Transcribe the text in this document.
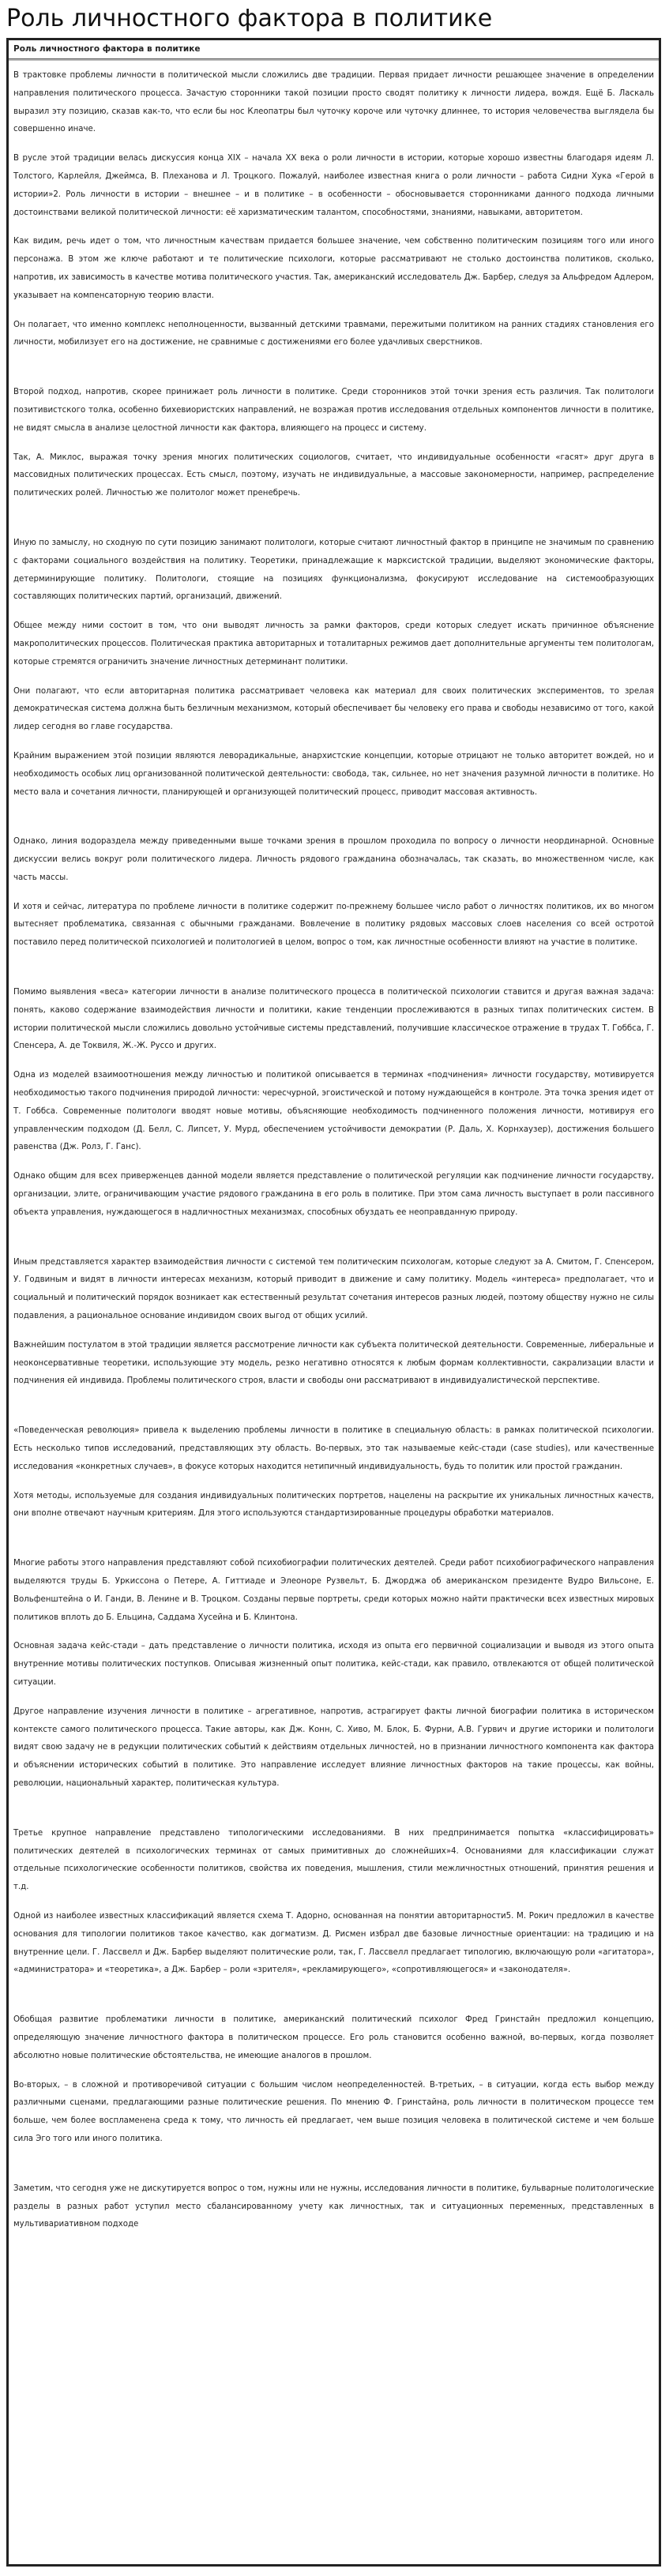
Роль личностного фактора в политике
Роль личностного фактора в политике

В трактовке проблемы личности в политической мысли сложились две традиции. Первая придает личности решающее значение в определении направления политического процесса. Зачастую сторонники такой позиции просто сводят политику к личности лидера, вождя. Ещё Б. Ласкаль выразил эту позицию, сказав как-то, что если бы нос Клеопатры был чуточку короче или чуточку длиннее, то история человечества выглядела бы совершенно иначе.

В русле этой традиции велась дискуссия конца XIX – начала XX века о роли личности в истории, которые хорошо известны благодаря идеям Л. Толстого, Карлейля, Джеймса, В. Плеханова и Л. Троцкого. Пожалуй, наиболее известная книга о роли личности – работа Сидни Хука «Герой в истории»2. Роль личности в истории – внешнее – и в политике – в особенности – обосновывается сторонниками данного подхода личными достоинствами великой политической личности: её харизматическим талантом, способностями, знаниями, навыками, авторитетом.

Как видим, речь идет о том, что личностным качествам придается большее значение, чем собственно политическим позициям того или иного персонажа. В этом же ключе работают и те политические психологи, которые рассматривают не столько достоинства политиков, сколько, напротив, их зависимость в качестве мотива политического участия. Так, американский исследователь Дж. Барбер, следуя за Альфредом Адлером, указывает на компенсаторную теорию власти.

Он полагает, что именно комплекс неполноценности, вызванный детскими травмами, пережитыми политиком на ранних стадиях становления его личности, мобилизует его на достижение, не сравнимые с достижениями его более удачливых сверстников.

Второй подход, напротив, скорее принижает роль личности в политике. Среди сторонников этой точки зрения есть различия. Так политологи позитивистского толка, особенно бихевиористских направлений, не возражая против исследования отдельных компонентов личности в политике, не видят смысла в анализе целостной личности как фактора, влияющего на процесс и систему.

Так, А. Миклос, выражая точку зрения многих политических социологов, считает, что индивидуальные особенности «гасят» друг друга в массовидных политических процессах. Есть смысл, поэтому, изучать не индивидуальные, а массовые закономерности, например, распределение политических ролей. Личностью же политолог может пренебречь.

Иную по замыслу, но сходную по сути позицию занимают политологи, которые считают личностный фактор в принципе не значимым по сравнению с факторами социального воздействия на политику. Теоретики, принадлежащие к марксистской традиции, выделяют экономические факторы, детерминирующие политику. Политологи, стоящие на позициях функционализма, фокусируют исследование на системообразующих составляющих политических партий, организаций, движений.

Общее между ними состоит в том, что они выводят личность за рамки факторов, среди которых следует искать причинное объяснение макрополитических процессов. Политическая практика авторитарных и тоталитарных режимов дает дополнительные аргументы тем политологам, которые стремятся ограничить значение личностных детерминант политики.

Они полагают, что если авторитарная политика рассматривает человека как материал для своих политических экспериментов, то зрелая демократическая система должна быть безличным механизмом, который обеспечивает бы человеку его права и свободы независимо от того, какой лидер сегодня во главе государства.

Крайним выражением этой позиции являются леворадикальные, анархистские концепции, которые отрицают не только авторитет вождей, но и необходимость особых лиц организованной политической деятельности: свобода, так, сильнее, но нет значения разумной личности в политике. Но место вала и сочетания личности, планирующей и организующей политический процесс, приводит массовая активность.

Однако, линия водораздела между приведенными выше точками зрения в прошлом проходила по вопросу о личности неординарной. Основные дискуссии велись вокруг роли политического лидера. Личность рядового гражданина обозначалась, так сказать, во множественном числе, как часть массы.

И хотя и сейчас, литература по проблеме личности в политике содержит по-прежнему большее число работ о личностях политиков, их во многом вытесняет проблематика, связанная с обычными гражданами. Вовлечение в политику рядовых массовых слоев населения со всей остротой поставило перед политической психологией и политологией в целом, вопрос о том, как личностные особенности влияют на участие в политике.

Помимо выявления «веса» категории личности в анализе политического процесса в политической психологии ставится и другая важная задача: понять, каково содержание взаимодействия личности и политики, какие тенденции прослеживаются в разных типах политических систем. В истории политической мысли сложились довольно устойчивые системы представлений, получившие классическое отражение в трудах Т. Гоббса, Г. Спенсера, А. де Токвиля, Ж.-Ж. Руссо и других.

Одна из моделей взаимоотношения между личностью и политикой описывается в терминах «подчинения» личности государству, мотивируется необходимостью такого подчинения природой личности: чересчурной, эгоистической и потому нуждающейся в контроле. Эта точка зрения идет от Т. Гоббса. Современные политологи вводят новые мотивы, объясняющие необходимость подчиненного положения личности, мотивируя его управленческим подходом (Д. Белл, С. Липсет, У. Мурд, обеспечением устойчивости демократии (Р. Даль, Х. Корнхаузер), достижения большего равенства (Дж. Ролз, Г. Ганс).

Однако общим для всех приверженцев данной модели является представление о политической регуляции как подчинение личности государству, организации, элите, ограничивающим участие рядового гражданина в его роль в политике. При этом сама личность выступает в роли пассивного объекта управления, нуждающегося в надличностных механизмах, способных обуздать ее неоправданную природу.

Иным представляется характер взаимодействия личности с системой тем политическим психологам, которые следуют за А. Смитом, Г. Спенсером, У. Годвиным и видят в личности интересах механизм, который приводит в движение и саму политику. Модель «интереса» предполагает, что и социальный и политический порядок возникает как естественный результат сочетания интересов разных людей, поэтому обществу нужно не силы подавления, а рациональное основание индивидом своих выгод от общих усилий.

Важнейшим постулатом в этой традиции является рассмотрение личности как субъекта политической деятельности. Современные, либеральные и неоконсервативные теоретики, использующие эту модель, резко негативно относятся к любым формам коллективности, сакрализации власти и подчинения ей индивида. Проблемы политического строя, власти и свободы они рассматривают в индивидуалистической перспективе.

«Поведенческая революция» привела к выделению проблемы личности в политике в специальную область: в рамках политической психологии. Есть несколько типов исследований, представляющих эту область. Во-первых, это так называемые кейс-стади (case studies), или качественные исследования «конкретных случаев», в фокусе которых находится нетипичный индивидуальность, будь то политик или простой гражданин.

Хотя методы, используемые для создания индивидуальных политических портретов, нацелены на раскрытие их уникальных личностных качеств, они вполне отвечают научным критериям. Для этого используются стандартизированные процедуры обработки материалов.

Многие работы этого направления представляют собой психобиографии политических деятелей. Среди работ психобиографического направления выделяются труды Б. Уркиссона о Петере, А. Гиттиаде и Элеоноре Рузвельт, Б. Джорджа об американском президенте Вудро Вильсоне, Е. Вольфенштейна о И. Ганди, В. Ленине и В. Троцком. Созданы первые портреты, среди которых можно найти практически всех известных мировых политиков вплоть до Б. Ельцина, Саддама Хусейна и Б. Клинтона.

Основная задача кейс-стади – дать представление о личности политика, исходя из опыта его первичной социализации и выводя из этого опыта внутренние мотивы политических поступков. Описывая жизненный опыт политика, кейс-стади, как правило, отвлекаются от общей политической ситуации.

Другое направление изучения личности в политике – агрегативное, напротив, астрагирует факты личной биографии политика в историческом контексте самого политического процесса. Такие авторы, как Дж. Конн, С. Хиво, М. Блок, Б. Фурни, А.В. Гурвич и другие историки и политологи видят свою задачу не в редукции политических событий к действиям отдельных личностей, но в признании личностного компонента как фактора и объяснении исторических событий в политике. Это направление исследует влияние личностных факторов на такие процессы, как войны, революции, национальный характер, политическая культура.

Третье крупное направление представлено типологическими исследованиями. В них предпринимается попытка «классифицировать» политических деятелей в психологических терминах от самых примитивных до сложнейших»4. Основаниями для классификации служат отдельные психологические особенности политиков, свойства их поведения, мышления, стили межличностных отношений, принятия решения и т.д.

Одной из наиболее известных классификаций является схема Т. Адорно, основанная на понятии авторитарности5. М. Рокич предложил в качестве основания для типологии политиков такое качество, как догматизм. Д. Рисмен избрал две базовые личностные ориентации: на традицию и на внутренние цели. Г. Лассвелл и Дж. Барбер выделяют политические роли, так, Г. Лассвелл предлагает типологию, включающую роли «агитатора», «администратора» и «теоретика», а Дж. Барбер – роли «зрителя», «рекламирующего», «сопротивляющегося» и «законодателя».

Обобщая развитие проблематики личности в политике, американский политический психолог Фред Гринстайн предложил концепцию, определяющую значение личностного фактора в политическом процессе. Его роль становится особенно важной, во-первых, когда позволяет абсолютно новые политические обстоятельства, не имеющие аналогов в прошлом.

Во-вторых, – в сложной и противоречивой ситуации с большим числом неопределенностей. В-третьих, – в ситуации, когда есть выбор между различными сценами, предлагающими разные политические решения. По мнению Ф. Гринстайна, роль личности в политическом процессе тем больше, чем более воспламенена среда к тому, что личность ей предлагает, чем выше позиция человека в политической системе и чем больше сила Эго того или иного политика.

Заметим, что сегодня уже не дискутируется вопрос о том, нужны или не нужны, исследования личности в политике, бульварные политологические разделы в разных работ уступил место сбалансированному учету как личностных, так и ситуационных переменных, представленных в мультивариативном подходе
